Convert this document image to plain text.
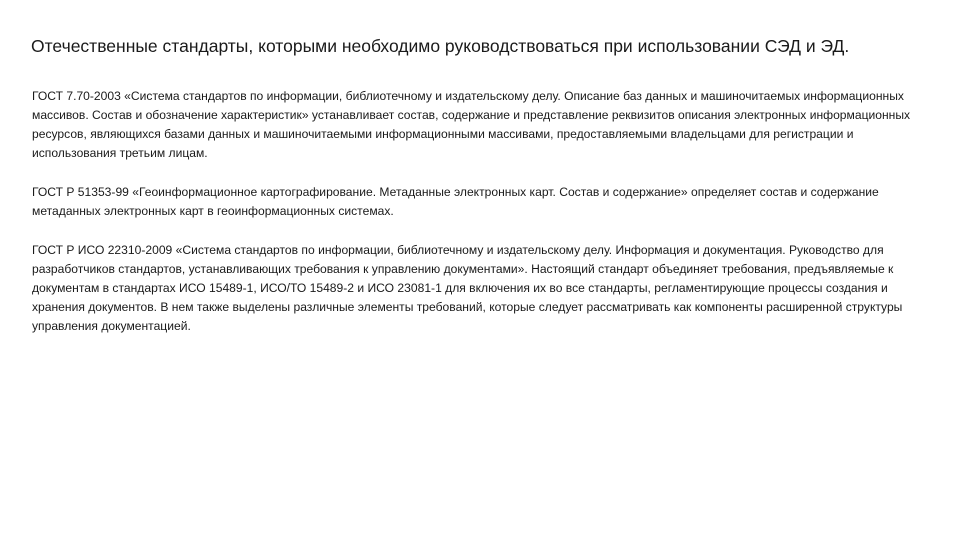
Отечественные стандарты, которыми необходимо руководствоваться при использовании СЭД и ЭД.

ГОСТ 7.70-2003 «Система стандартов по информации, библиотечному и издательскому делу. Описание баз данных и машиночитаемых информационных массивов. Состав и обозначение характеристик» устанавливает состав, содержание и представление реквизитов описания электронных информационных ресурсов, являющихся базами данных и машиночитаемыми информационными массивами, предоставляемыми владельцами для регистрации и использования третьим лицам.

ГОСТ Р 51353-99 «Геоинформационное картографирование. Метаданные электронных карт. Состав и содержание» определяет состав и содержание метаданных электронных карт в геоинформационных системах.

ГОСТ Р ИСО 22310-2009 «Система стандартов по информации, библиотечному и издательскому делу. Информация и документация. Руководство для разработчиков стандартов, устанавливающих требования к управлению документами». Настоящий стандарт объединяет требования, предъявляемые к документам в стандартах ИСО 15489-1, ИСО/ТО 15489-2 и ИСО 23081-1 для включения их во все стандарты, регламентирующие процессы создания и хранения документов. В нем также выделены различные элементы требований, которые следует рассматривать как компоненты расширенной структуры управления документацией.
